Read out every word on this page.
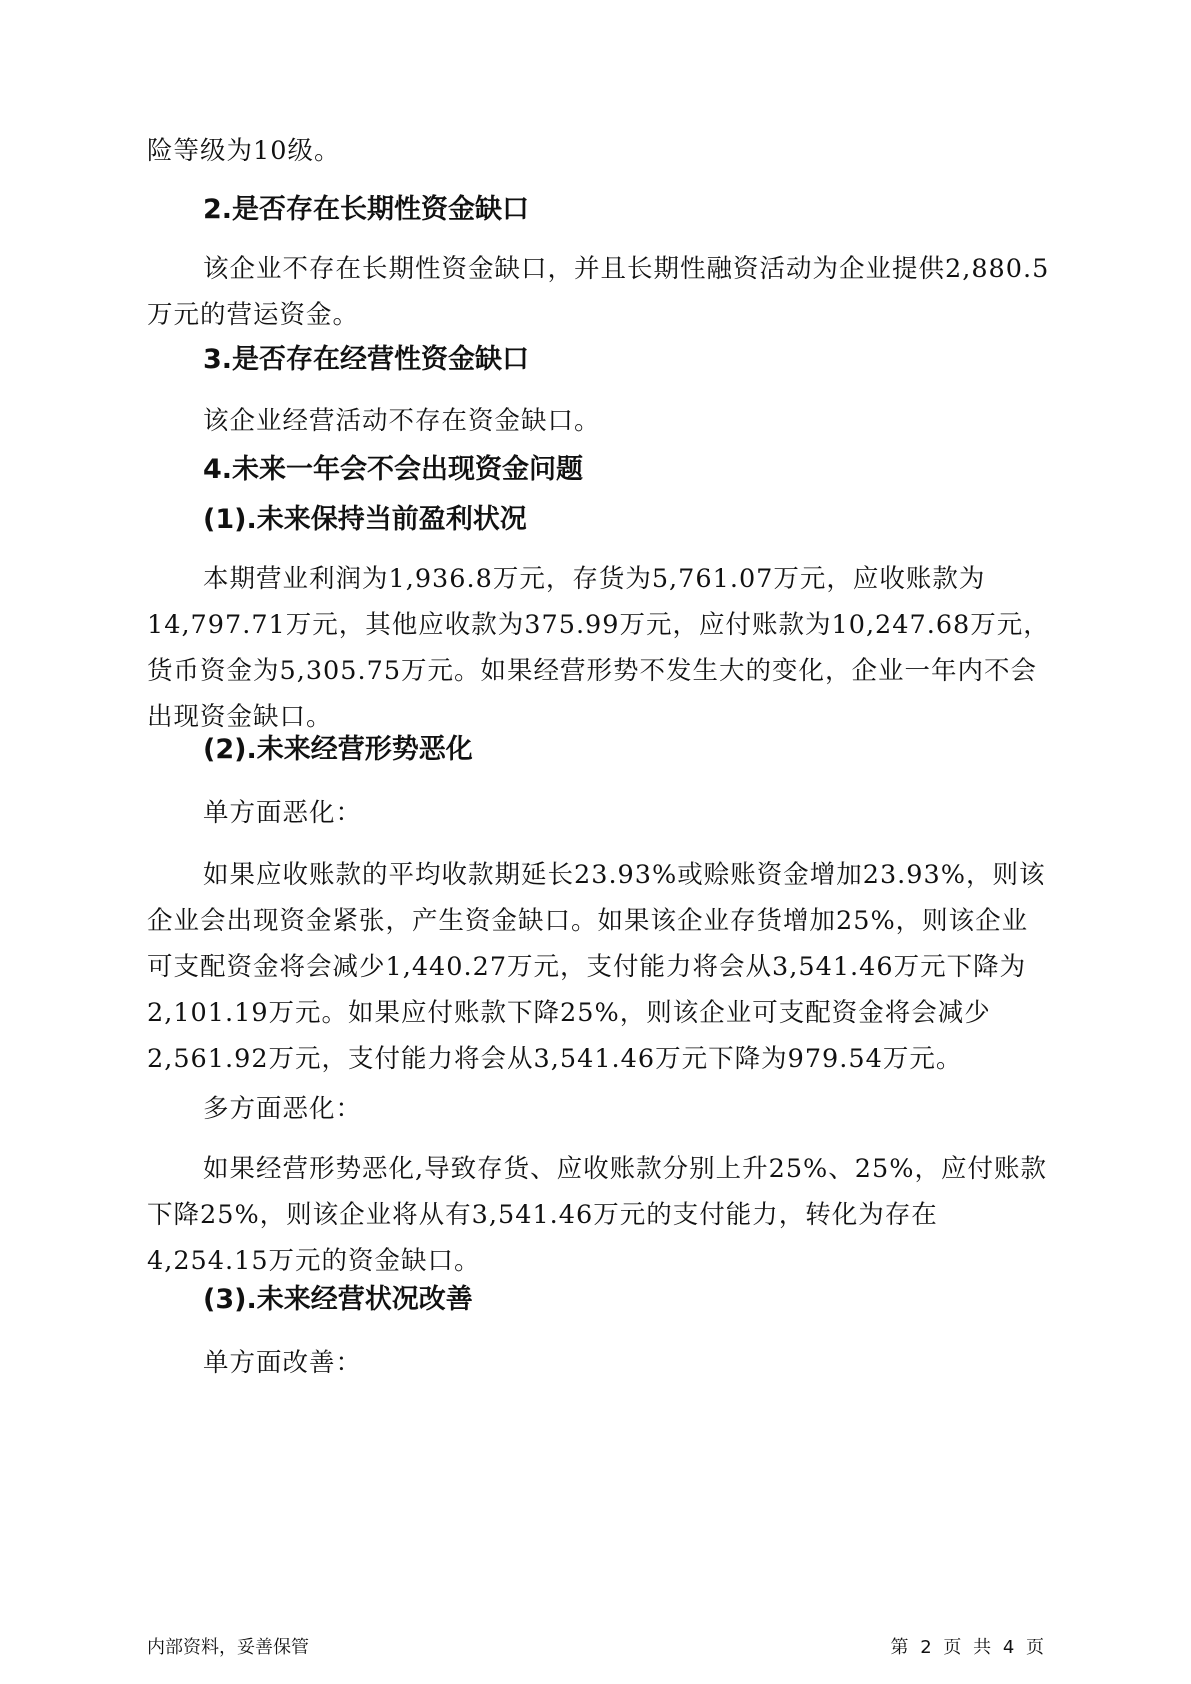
险等级为10级。

2.是否存在长期性资金缺口

该企业不存在长期性资金缺口，并且长期性融资活动为企业提供2,880.5万元的营运资金。

3.是否存在经营性资金缺口

该企业经营活动不存在资金缺口。

4.未来一年会不会出现资金问题
(1).未来保持当前盈利状况

本期营业利润为1,936.8万元，存货为5,761.07万元，应收账款为14,797.71万元，其他应收款为375.99万元，应付账款为10,247.68万元，货币资金为5,305.75万元。如果经营形势不发生大的变化，企业一年内不会出现资金缺口。

(2).未来经营形势恶化

单方面恶化：

如果应收账款的平均收款期延长23.93%或赊账资金增加23.93%，则该企业会出现资金紧张，产生资金缺口。如果该企业存货增加25%，则该企业可支配资金将会减少1,440.27万元，支付能力将会从3,541.46万元下降为2,101.19万元。如果应付账款下降25%，则该企业可支配资金将会减少2,561.92万元，支付能力将会从3,541.46万元下降为979.54万元。

多方面恶化：

如果经营形势恶化,导致存货、应收账款分别上升25%、25%，应付账款下降25%，则该企业将从有3,541.46万元的支付能力，转化为存在4,254.15万元的资金缺口。

(3).未来经营状况改善

单方面改善：

内部资料，妥善保管	第 2 页 共 4 页
